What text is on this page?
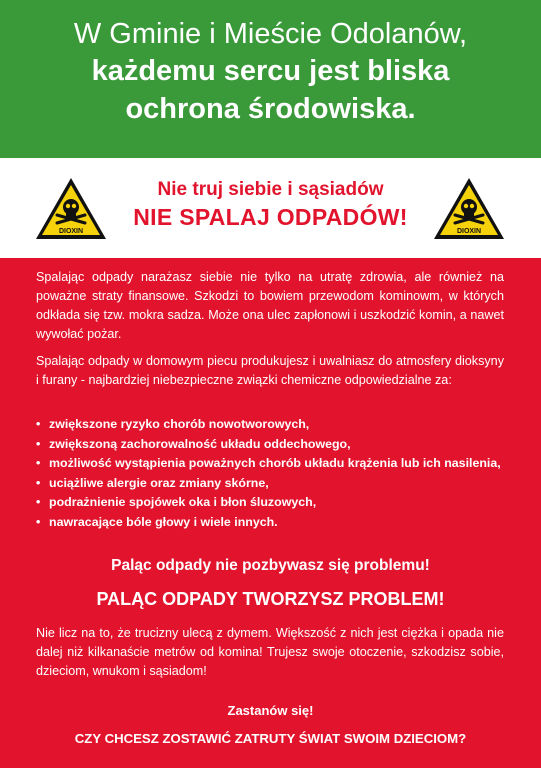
W Gminie i Mieście Odolanów,
każdemu sercu jest bliska
ochrona środowiska.
DIOXIN
Nie truj siebie i sąsiadów
NIE SPALAJ ODPADÓW!
DIOXIN

Spalając odpady narażasz siebie nie tylko na utratę zdrowia, ale również na poważne straty finansowe. Szkodzi to bowiem przewodom kominowm, w których odkłada się tzw. mokra sadza. Może ona ulec zapłonowi i uszkodzić komin, a nawet wywołać pożar.

Spalając odpady w domowym piecu produkujesz i uwalniasz do atmosfery dioksyny i furany - najbardziej niebezpieczne związki chemiczne odpowiedzialne za:

• zwiększone ryzyko chorób nowotworowych,
• zwiększoną zachorowalność układu oddechowego,
• możliwość wystąpienia poważnych chorób układu krążenia lub ich nasilenia,
• uciążliwe alergie oraz zmiany skórne,
• podrażnienie spojówek oka i błon śluzowych,
• nawracające bóle głowy i wiele innych.
Paląc odpady nie pozbywasz się problemu!
PALĄC ODPADY TWORZYSZ PROBLEM!

Nie licz na to, że trucizny ulecą z dymem. Większość z nich jest ciężka i opada nie dalej niż kilkanaście metrów od komina! Trujesz swoje otoczenie, szkodzisz sobie, dzieciom, wnukom i sąsiadom!

Zastanów się!
CZY CHCESZ ZOSTAWIĆ ZATRUTY ŚWIAT SWOIM DZIECIOM?
